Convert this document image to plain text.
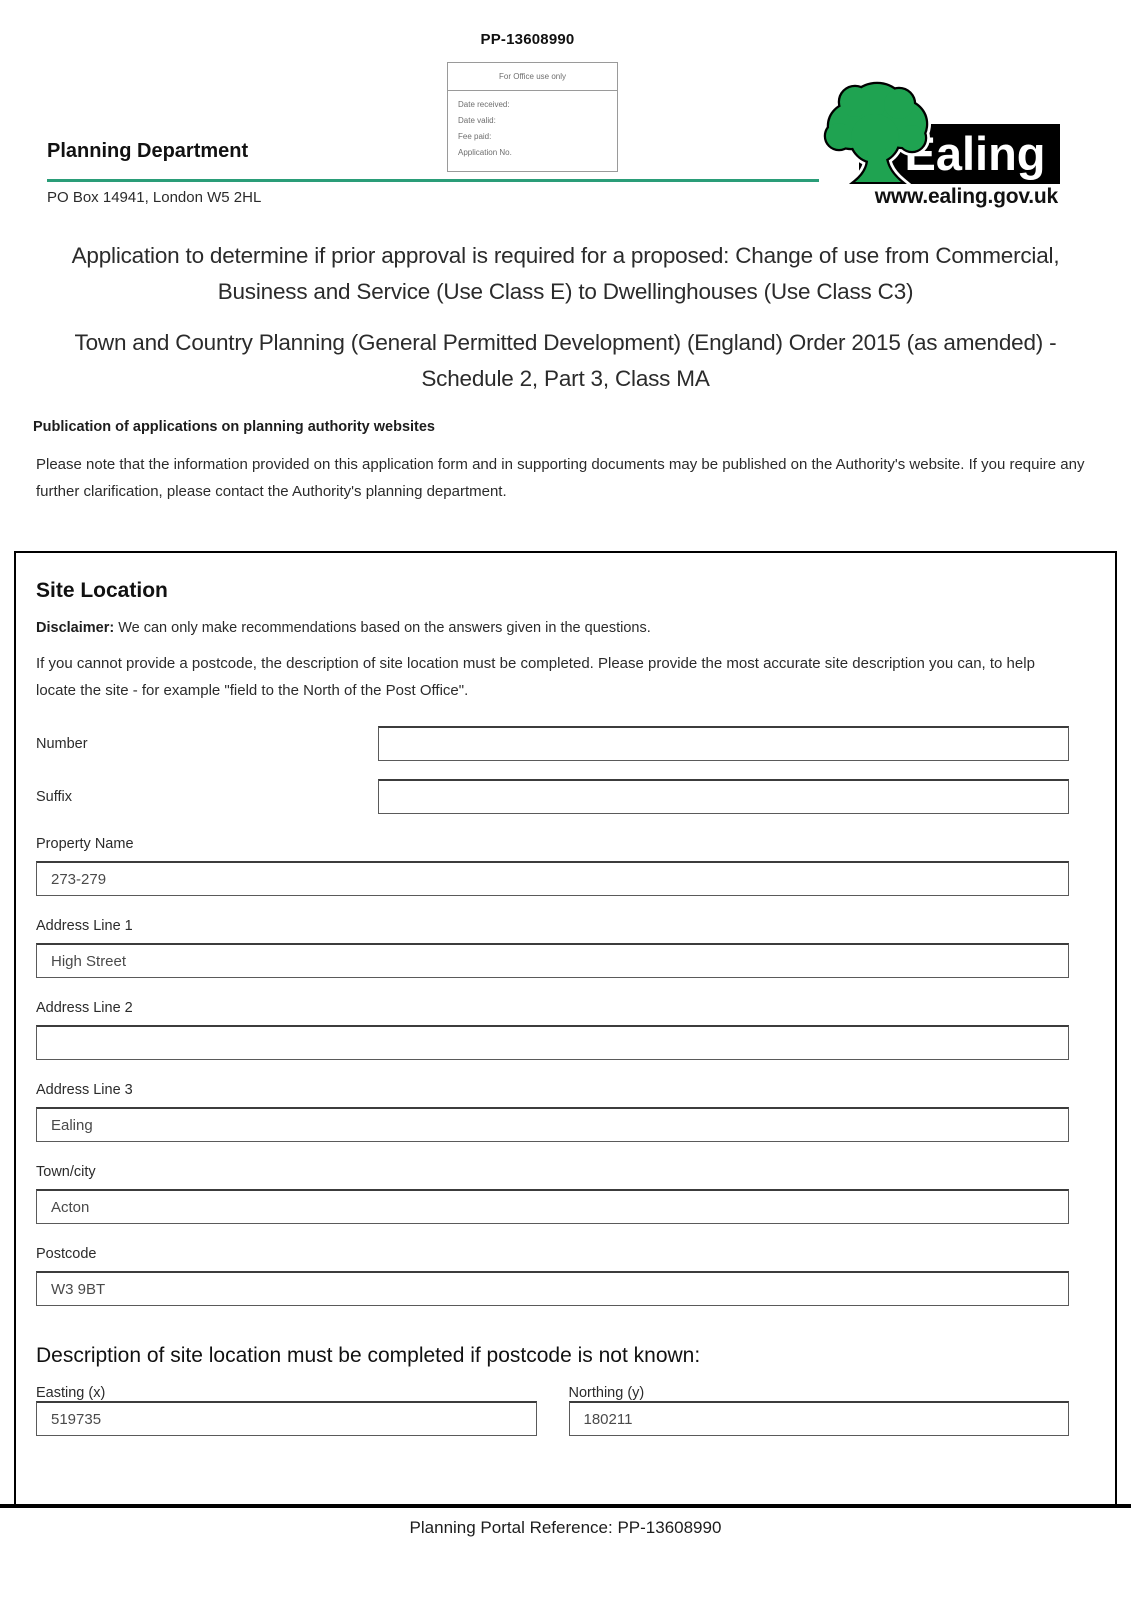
PP-13608990
For Office use only
Date received:
Date valid:
Fee paid:
Application No.
Planning Department
PO Box 14941, London W5 2HL
Ealing
www.ealing.gov.uk
Application to determine if prior approval is required for a proposed: Change of use from Commercial, Business and Service (Use Class E) to Dwellinghouses (Use Class C3)
Town and Country Planning (General Permitted Development) (England) Order 2015 (as amended) - Schedule 2, Part 3, Class MA
Publication of applications on planning authority websites
Please note that the information provided on this application form and in supporting documents may be published on the Authority's website. If you require any further clarification, please contact the Authority's planning department.
Site Location
Disclaimer: We can only make recommendations based on the answers given in the questions.
If you cannot provide a postcode, the description of site location must be completed. Please provide the most accurate site description you can, to help locate the site - for example "field to the North of the Post Office".
Number
Suffix
Property Name
273-279
Address Line 1
High Street
Address Line 2
Address Line 3
Ealing
Town/city
Acton
Postcode
W3 9BT
Description of site location must be completed if postcode is not known:
Easting (x)
519735	Northing (y)
180211
Planning Portal Reference: PP-13608990
